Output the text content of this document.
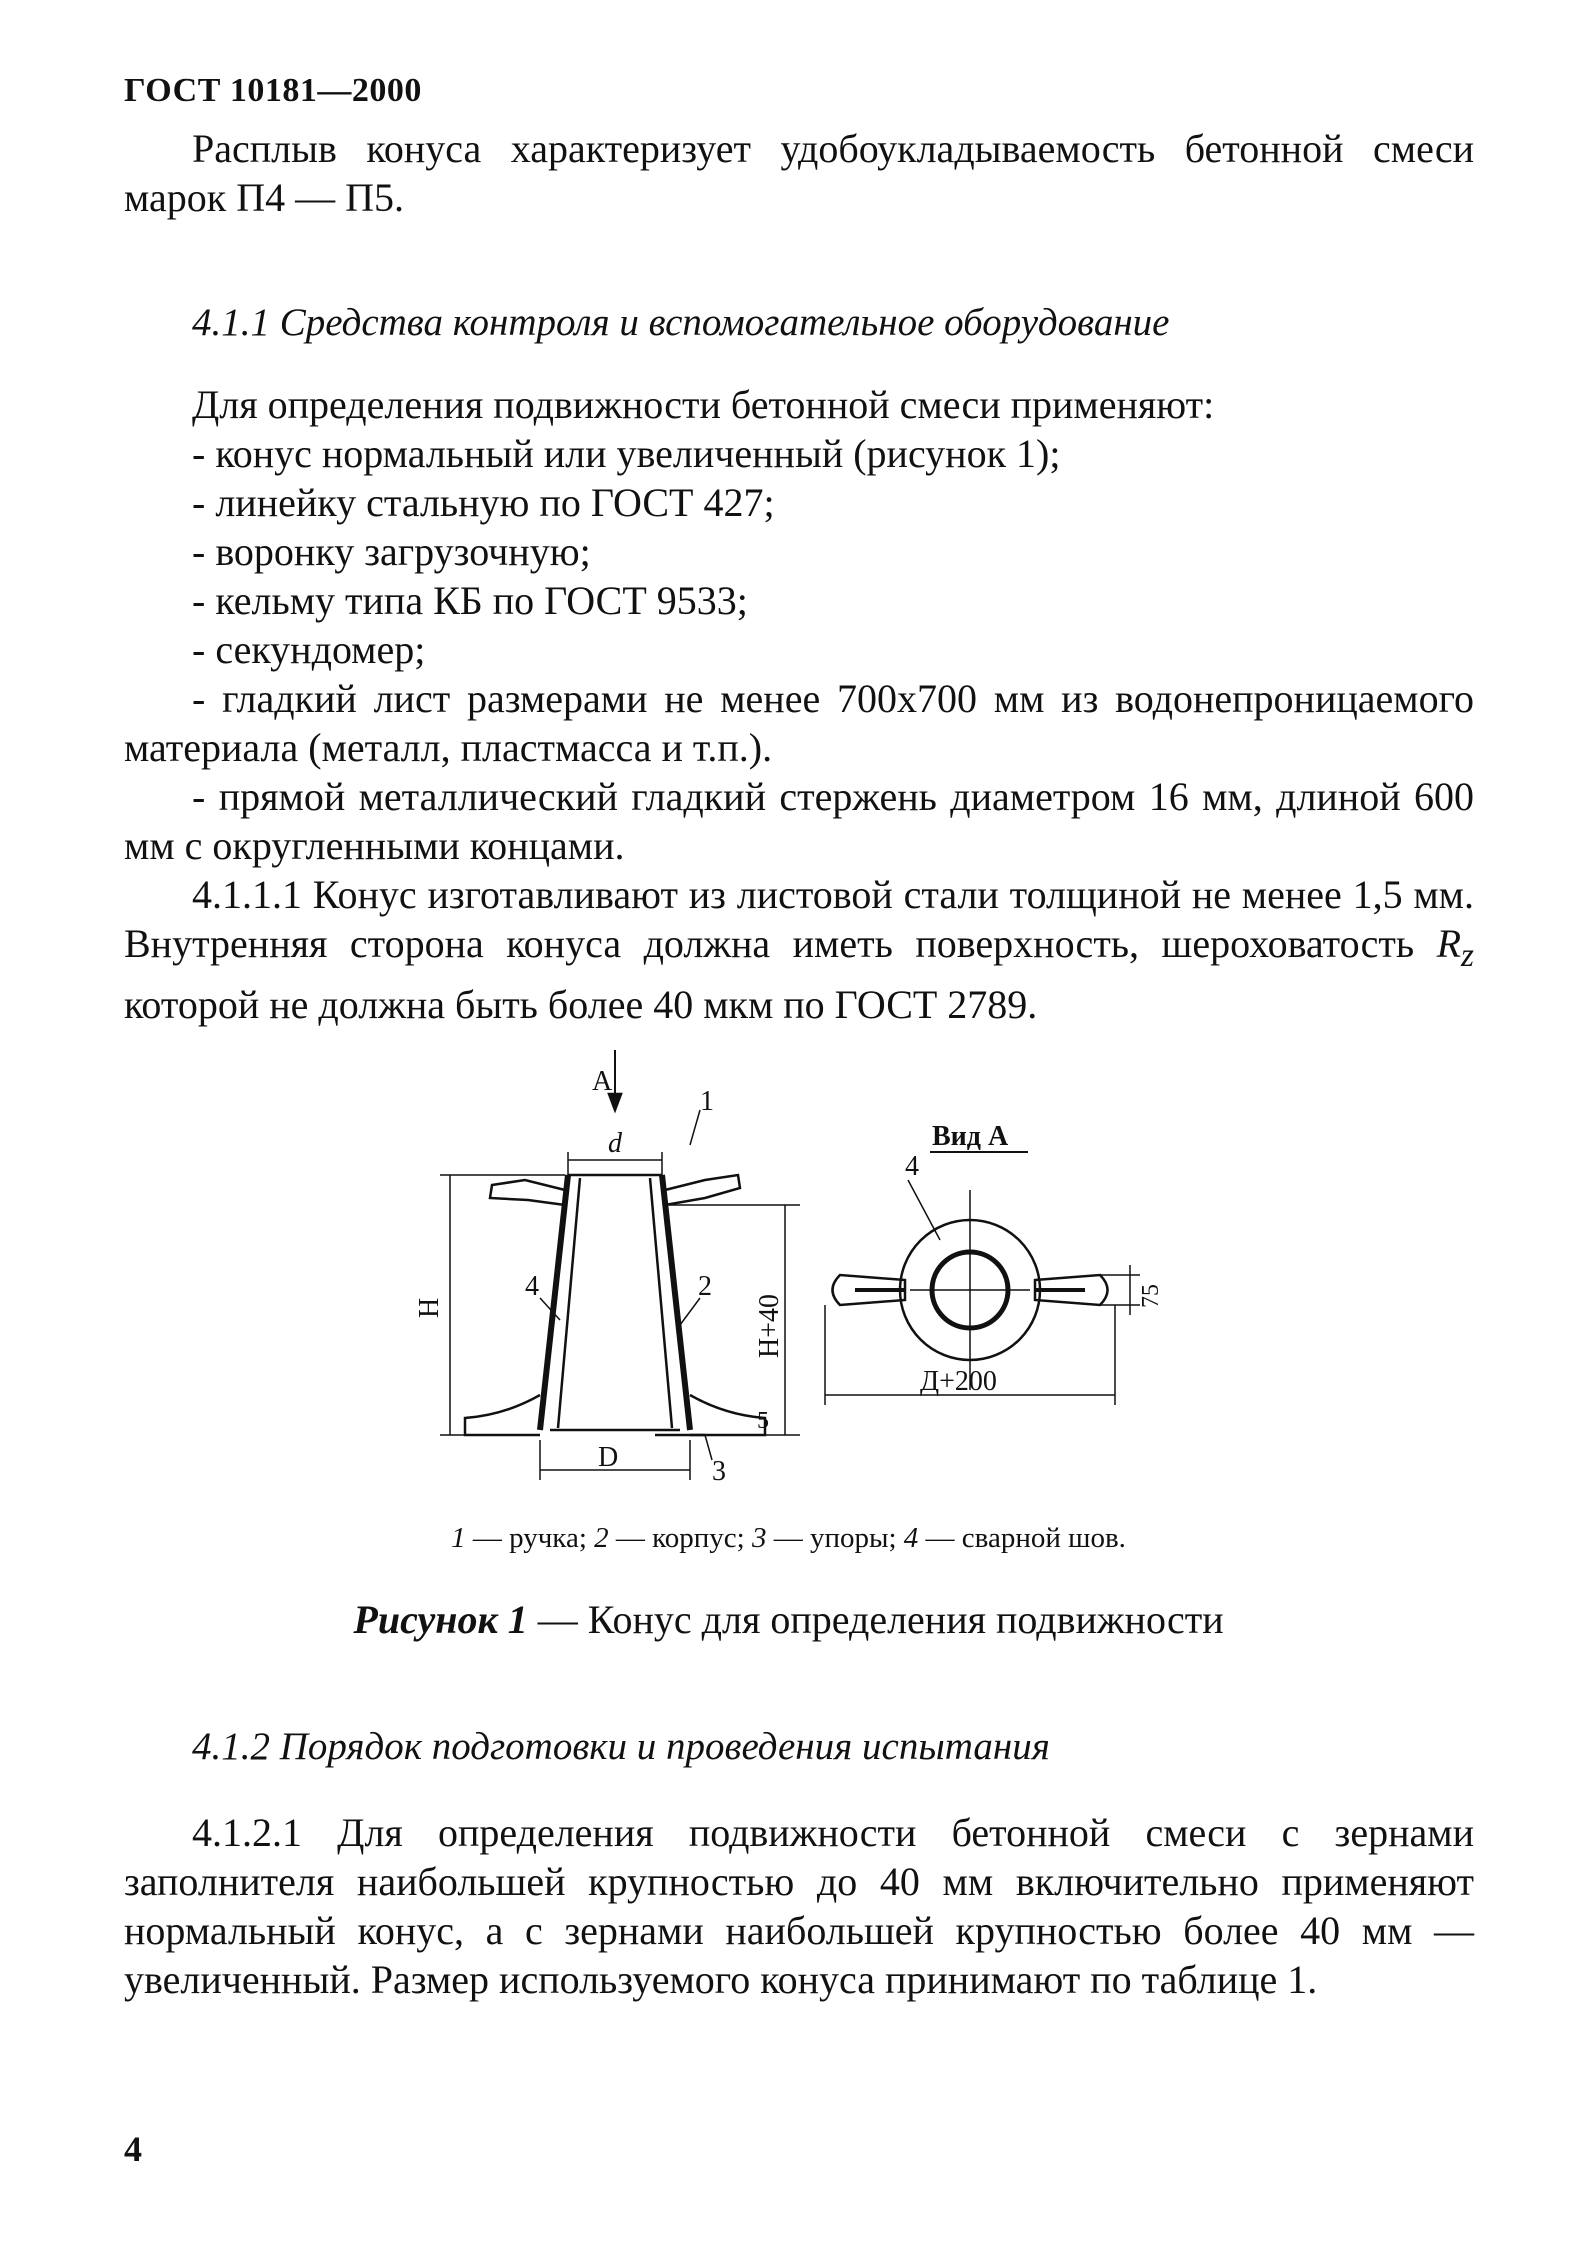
ГОСТ 10181—2000
Расплыв конуса характеризует удобоукладываемость бетонной смеси марок П4 — П5.
4.1.1 Средства контроля и вспомогательное оборудование
Для определения подвижности бетонной смеси применяют:
- конус нормальный или увеличенный (рисунок 1);
- линейку стальную по ГОСТ 427;
- воронку загрузочную;
- кельму типа КБ по ГОСТ 9533;
- секундомер;
- гладкий лист размерами не менее 700x700 мм из водонепроницаемого материала (металл, пластмасса и т.п.).
- прямой металлический гладкий стержень диаметром 16 мм, длиной 600 мм с округленными концами.
4.1.1.1 Конус изготавливают из листовой стали толщиной не менее 1,5 мм. Внутренняя сторона конуса должна иметь поверхность, шероховатость $R_z$ которой не должна быть более 40 мкм по ГОСТ 2789.
A
d
1
2
3
4
5
H	H+40
D
Вид А
4
Д+200
75
1 — ручка; 2 — корпус; 3 — упоры; 4 — сварной шов.
Рисунок 1 — Конус для определения подвижности
4.1.2 Порядок подготовки и проведения испытания
4.1.2.1 Для определения подвижности бетонной смеси с зернами заполнителя наибольшей крупностью до 40 мм включительно применяют нормальный конус, а с зернами наибольшей крупностью более 40 мм — увеличенный. Размер используемого конуса принимают по таблице 1.
4
